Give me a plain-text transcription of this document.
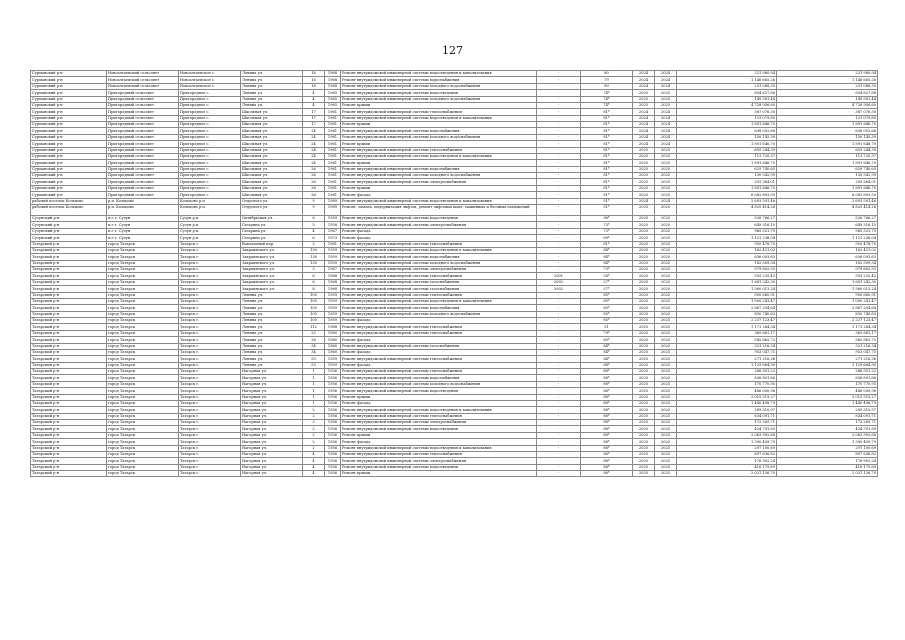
127
Сурманский р-н	Новоалтаевский сельсовет	Новоалтаевское с.	Ленина ул.	16	1968	Ремонт внутридомовой инженерной системы водоотведения и канализования	-	80	2024	2024	221 980,94	221 980,94
Сурманский р-н	Новоалтаевский сельсовет	Новоалтаевское с.	Ленина ул.	16	1968	Ремонт внутридомовой инженерной системы водоснабжения	-	79	2024	2024	1 146 665,26	1 146 665,26
Сурманский р-н	Новоалтаевский сельсовет	Новоалтаевское с.	Ленина ул.	16	1968	Ремонт внутридомовой инженерной системы холодного водоснабжения	-	80	2024	2024	231 088,35	231 088,35
Сурманский р-н	Пригородный сельсовет	Пригородное с.	Ленина ул.	4	1965	Ремонт внутридомовой инженерной системы водоотведения	-	74*	2025	2025	654 627,88	654 627,88
Сурманский р-н	Пригородный сельсовет	Пригородное с.	Ленина ул.	4	1965	Ремонт внутридомовой инженерной системы холодного водоснабжения	-	74*	2025	2025	149 581,44	149 581,44
Сурманский р-н	Пригородный сельсовет	Пригородное с.	Ленина ул.	4	1965	Ремонт крыши	-	74*	2025	2025	4 728 956,60	4 728 956,60
Сурманский р-н	Пригородный сельсовет	Пригородное с.	Школьная ул.	17	1961	Ремонт внутридомовой инженерной системы теплоснабжения	-	81*	2024	2024	387 076,30	387 076,30
Сурманский р-н	Пригородный сельсовет	Пригородное с.	Школьная ул.	17	1961	Ремонт внутридомовой инженерной системы водоотведения и канализования	-	81*	2024	2024	131 079,80	131 079,80
Сурманский р-н	Пригородный сельсовет	Пригородное с.	Школьная ул.	17	1961	Ремонт крыши	-	81*	2024	2024	1 891 646,70	1 891 646,70
Сурманский р-н	Пригородный сельсовет	Пригородное с.	Школьная ул.	24	1961	Ремонт внутридомовой инженерной системы водоснабжения	-	81*	2024	2024	638 052,66	638 052,66
Сурманский р-н	Пригородный сельсовет	Пригородное с.	Школьная ул.	24	1961	Ремонт внутридомовой инженерной системы холодного водоснабжения	-	81*	2024	2024	150 145,39	150 145,39
Сурманский р-н	Пригородный сельсовет	Пригородное с.	Школьная ул.	24	1961	Ремонт крыши	-	81*	2024	2024	1 891 646,70	1 891 646,70
Сурманский р-н	Пригородный сельсовет	Пригородное с.	Школьная ул.	24	1961	Ремонт внутридомовой инженерной системы теплоснабжения	-	81*	2025	2025	655 244,39	655 244,39
Сурманский р-н	Пригородный сельсовет	Пригородное с.	Школьная ул.	24	1961	Ремонт внутридомовой инженерной системы водоотведения и канализования	-	81*	2025	2025	113 720,37	113 720,37
Сурманский р-н	Пригородный сельсовет	Пригородное с.	Школьная ул.	24	1961	Ремонт крыши	-	81*	2025	2025	1 891 646,70	1 891 646,70
Сурманский р-н	Пригородный сельсовет	Пригородное с.	Школьная ул.	26	1961	Ремонт внутридомовой инженерной системы водоснабжения	-	81*	2025	2025	629 740,65	629 740,65
Сурманский р-н	Пригородный сельсовет	Пригородное с.	Школьная ул.	26	1961	Ремонт внутридомовой инженерной системы холодного водоснабжения	-	81*	2025	2025	130 542,99	130 542,99
Сурманский р-н	Пригородный сельсовет	Пригородное с.	Школьная ул.	26	1961	Ремонт внутридомовой инженерной системы электроснабжения	-	81*	2025	2025	293 364,01	293 364,01
Сурманский р-н	Пригородный сельсовет	Пригородное с.	Школьная ул.	26	1961	Ремонт крыши	-	81*	2025	2025	1 891 646,70	1 891 646,70
Сурманский р-н	Пригородный сельсовет	Пригородное с.	Школьная ул.	26	1961	Ремонт фасада	-	81*	2025	2025	6 082 893,50	6 082 893,50
рабочий поселок Кольцово	р.п. Кольцово	Кольцово р.п.	Отдусного ул.	9	1989	Ремонт внутридомовой инженерной системы водоотведения и канализования	-	51*	2024	2024	2 693 591,46	2 693 591,46
рабочий поселок Кольцово	р.п. Кольцово	Кольцово р.п.	Отдусного ул.	9	1989	Ремонт, замена, модернизация лифтов, ремонт лифтовых шахт, машинных и блочных помещений	-	51*	2025	2025	4 825 414,26	4 825 414,26
Сузунский р-н	п.г.т. Сузун	Сузун р.п.	Октябрьская ул.	6	1959	Ремонт внутридомовой инженерной системы водоотведения	-	96*	2025	2025	526 766,27	526 766,27
Сузунский р-н	п.г.т. Сузун	Сузун р.п.	Гагарина ул.	5	1958	Ремонт внутридомовой инженерной системы электроснабжения	-	73*	2025	2025	649 316,15	649 316,15
Сузунский р-н	п.г.т. Сузун	Сузун р.п.	Гагарина ул.	4	1967	Ремонт фасада	-	73*	2025	2025	965 521,79	965 521,79
Сузунский р-н	п.г.т. Сузун	Сузун р.п.	Гагарина ул.	6	1973	Ремонт фасада	-	69*	2025	2025	1 121 236,04	1 121 236,04
Татарский р-н	город Татарск	Татарск г.	Вокзальный пер.	2	1961	Ремонт внутридомовой инженерной системы теплоснабжения	-	81*	2025	2025	950 478,70	950 478,70
Татарский р-н	город Татарск	Татарск г.	Закраинского ул.	130	1959	Ремонт внутридомовой инженерной системы водоотведения и канализования	-	84*	2025	2025	162 421,02	162 421,02
Татарский р-н	город Татарск	Татарск г.	Закраинского ул.	130	1959	Ремонт внутридомовой инженерной системы водоснабжения	-	84*	2025	2025	636 093,63	636 093,63
Татарский р-н	город Татарск	Татарск г.	Закраинского ул.	130	1959	Ремонт внутридомовой инженерной системы холодного водоснабжения	-	84*	2025	2025	182 509,34	182 509,34
Татарский р-н	город Татарск	Татарск г.	Закраинского ул.	3	1967	Ремонт внутридомовой инженерной системы электроснабжения	-	73*	2025	2025	979 602,93	979 602,93
Татарский р-н	город Татарск	Татарск г.	Закраинского ул.	6	1968	Ремонт внутридомовой инженерной системы теплоснабжения	2001	28*	2025	2025	593 235,43	593 235,43
Татарский р-н	город Татарск	Татарск г.	Закраинского ул.	6	1968	Ремонт внутридомовой инженерной системы газоснабжения	2002	27*	2025	2025	1 681 242,30	1 681 242,30
Татарский р-н	город Татарск	Татарск г.	Закраинского ул.	8	1968	Ремонт внутридомовой инженерной системы газоснабжения	2002	27*	2025	2025	1 560 013,24	1 560 013,24
Татарский р-н	город Татарск	Татарск г.	Ленина ул.	105	1959	Ремонт внутридомовой инженерной системы теплоснабжения	-	85*	2025	2025	900 660,91	900 660,91
Татарский р-н	город Татарск	Татарск г.	Ленина ул.	105	1959	Ремонт внутридомовой инженерной системы водоотведения и канализования	-	85*	2025	2025	1 000 241,47	1 000 241,47
Татарский р-н	город Татарск	Татарск г.	Ленина ул.	105	1959	Ремонт внутридомовой инженерной системы водоснабжения	-	85*	2025	2025	2 867 254,64	2 867 254,64
Татарский р-н	город Татарск	Татарск г.	Ленина ул.	105	1959	Ремонт внутридомовой инженерной системы холодного водоснабжения	-	85*	2025	2025	850 740,83	850 740,83
Татарский р-н	город Татарск	Татарск г.	Ленина ул.	105	1959	Ремонт фасада	-	85*	2025	2025	2 237 123,47	2 237 123,47
Татарский р-н	город Татарск	Татарск г.	Ленина ул.	112	1968	Ремонт внутридомовой инженерной системы теплоснабжения	-	51	2025	2025	1 171 264,34	1 171 264,34
Татарский р-н	город Татарск	Татарск г.	Ленина ул.	25	1960	Ремонт внутридомовой инженерной системы теплоснабжения	-	79*	2025	2025	365 661,17	365 661,17
Татарский р-н	город Татарск	Татарск г.	Ленина ул.	26	1960	Ремонт фасада	-	85*	2025	2025	585 862,72	585 862,72
Татарский р-н	город Татарск	Татарск г.	Ленина ул.	34	1960	Ремонт внутридомовой инженерной системы газоснабжения	-	84*	2025	2025	321 216,34	321 216,34
Татарский р-н	город Татарск	Татарск г.	Ленина ул.	34	1960	Ремонт фасада	-	84*	2025	2025	953 047,75	953 047,75
Татарский р-н	город Татарск	Татарск г.	Ленина ул.	53	1959	Ремонт внутридомовой инженерной системы теплоснабжения	-	84*	2025	2025	271 216,36	271 216,36
Татарский р-н	город Татарск	Татарск г.	Ленина ул.	53	1959	Ремонт фасада	-	84*	2025	2025	1 129 664,90	1 129 664,90
Татарский р-н	город Татарск	Татарск г.	Нагорная ул.	1	1956	Ремонт внутридомовой инженерной системы теплоснабжения	-	88*	2025	2025	286 951,22	286 951,22
Татарский р-н	город Татарск	Татарск г.	Нагорная ул.	1	1956	Ремонт внутридомовой инженерной системы водоснабжения	-	88*	2025	2025	836 801,66	836 801,66
Татарский р-н	город Татарск	Татарск г.	Нагорная ул.	1	1956	Ремонт внутридомовой инженерной системы холодного водоснабжения	-	88*	2025	2025	170 770,95	170 770,95
Татарский р-н	город Татарск	Татарск г.	Нагорная ул.	1	1956	Ремонт внутридомовой инженерной системы водоотведения	-	88*	2025	2025	486 000,96	486 000,96
Татарский р-н	город Татарск	Татарск г.	Нагорная ул.	1	1956	Ремонт крыши	-	88*	2025	2025	2 015 519,27	2 015 519,27
Татарский р-н	город Татарск	Татарск г.	Нагорная ул.	1	1956	Ремонт фасада	-	88*	2025	2025	1 440 498,79	1 440 498,79
Татарский р-н	город Татарск	Татарск г.	Нагорная ул.	2	1956	Ремонт внутридомовой инженерной системы водоотведения и канализования	-	88*	2025	2025	289 310,97	289 310,97
Татарский р-н	город Татарск	Татарск г.	Нагорная ул.	2	1956	Ремонт внутридомовой инженерной системы теплоснабжения	-	88*	2025	2025	834 091,71	834 091,71
Татарский р-н	город Татарск	Татарск г.	Нагорная ул.	2	1956	Ремонт внутридомовой инженерной системы электроснабжения	-	88*	2025	2025	172 269,71	172 269,71
Татарский р-н	город Татарск	Татарск г.	Нагорная ул.	2	1956	Ремонт внутридомовой инженерной системы водоотведения	-	88*	2025	2025	424 791,89	424 791,89
Татарский р-н	город Татарск	Татарск г.	Нагорная ул.	2	1956	Ремонт крыши	-	88*	2025	2025	2 063 992,68	2 063 992,68
Татарский р-н	город Татарск	Татарск г.	Нагорная ул.	2	1956	Ремонт фасада	-	88*	2025	2025	1 390 409,79	1 390 409,79
Татарский р-н	город Татарск	Татарск г.	Нагорная ул.	2	1956	Ремонт внутридомовой инженерной системы водоотведения и канализования	-	88*	2025	2025	297 100,69	297 100,69
Татарский р-н	город Татарск	Татарск г.	Нагорная ул.	4	1956	Ремонт внутридомовой инженерной системы теплоснабжения	-	86*	2025	2025	897 636,82	897 636,82
Татарский р-н	город Татарск	Татарск г.	Нагорная ул.	4	1956	Ремонт внутридомовой инженерной системы электроснабжения	-	86*	2025	2025	176 902,24	176 902,24
Татарский р-н	город Татарск	Татарск г.	Нагорная ул.	4	1956	Ремонт внутридомовой инженерной системы водоотведения	-	86*	2025	2025	416 175,69	416 175,69
Татарский р-н	город Татарск	Татарск г.	Нагорная ул.	4	1956	Ремонт крыши	-	86*	2025	2025	2 021 136,70	2 021 136,70
